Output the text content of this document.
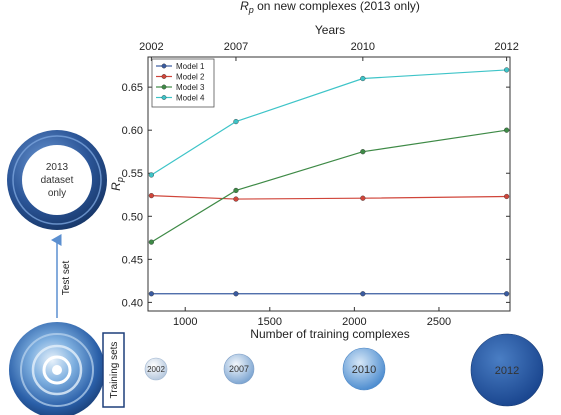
$R_p$ on new complexes (2013 only)
Years
2002	2007	2010	2012
1000	1500	2000	2500
0.40
0.45
0.50
0.55
0.60
0.65
Number of training complexes
$R_p$
Model 1
Model 2
Model 3
Model 4
2013
dataset
only
Test set
Training sets	2002	2007	2010	2012
